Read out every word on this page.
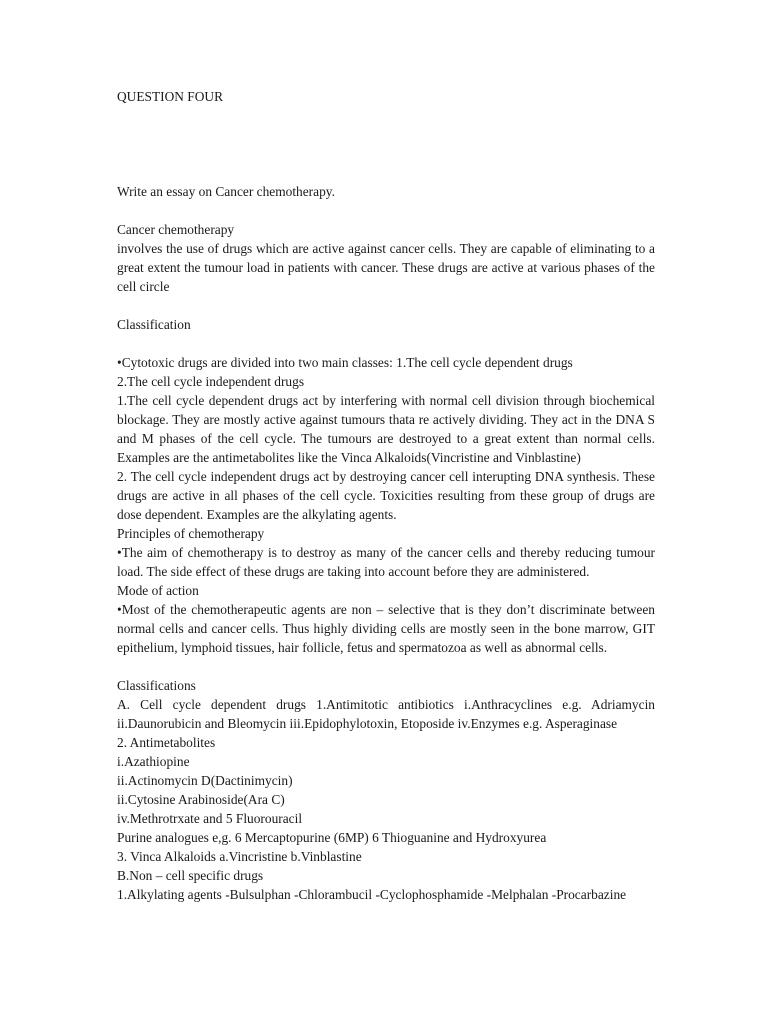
QUESTION FOUR
Write an essay on Cancer chemotherapy.
Cancer chemotherapy
involves the use of drugs which are active against cancer cells. They are capable of eliminating to a
great extent the tumour load in patients with cancer. These drugs are active at various phases of the
cell circle
Classification
•Cytotoxic drugs are divided into two main classes: 1.The cell cycle dependent drugs
2.The cell cycle independent drugs
1.The cell cycle dependent drugs act by interfering with normal cell division through biochemical
blockage. They are mostly active against tumours thata re actively dividing. They act in the DNA S
and M phases of the cell cycle. The tumours are destroyed to a great extent than normal cells.
Examples are the antimetabolites like the Vinca Alkaloids(Vincristine and Vinblastine)
2. The cell cycle independent drugs act by destroying cancer cell interupting DNA synthesis. These
drugs are active in all phases of the cell cycle. Toxicities resulting from these group of drugs are
dose dependent. Examples are the alkylating agents.
Principles of chemotherapy
•The aim of chemotherapy is to destroy as many of the cancer cells and thereby reducing tumour
load. The side effect of these drugs are taking into account before they are administered.
Mode of action
•Most of the chemotherapeutic agents are non – selective that is they don’t discriminate between
normal cells and cancer cells. Thus highly dividing cells are mostly seen in the bone marrow, GIT
epithelium, lymphoid tissues, hair follicle, fetus and spermatozoa as well as abnormal cells.
Classifications
A. Cell cycle dependent drugs 1.Antimitotic antibiotics i.Anthracyclines e.g. Adriamycin
ii.Daunorubicin and Bleomycin iii.Epidophylotoxin, Etoposide iv.Enzymes e.g. Asperaginase
2. Antimetabolites
i.Azathiopine
ii.Actinomycin D(Dactinimycin)
ii.Cytosine Arabinoside(Ara C)
iv.Methrotrxate and 5 Fluorouracil
Purine analogues e,g. 6 Mercaptopurine (6MP) 6 Thioguanine and Hydroxyurea
3. Vinca Alkaloids a.Vincristine b.Vinblastine
B.Non – cell specific drugs
1.Alkylating agents -Bulsulphan -Chlorambucil -Cyclophosphamide -Melphalan -Procarbazine
